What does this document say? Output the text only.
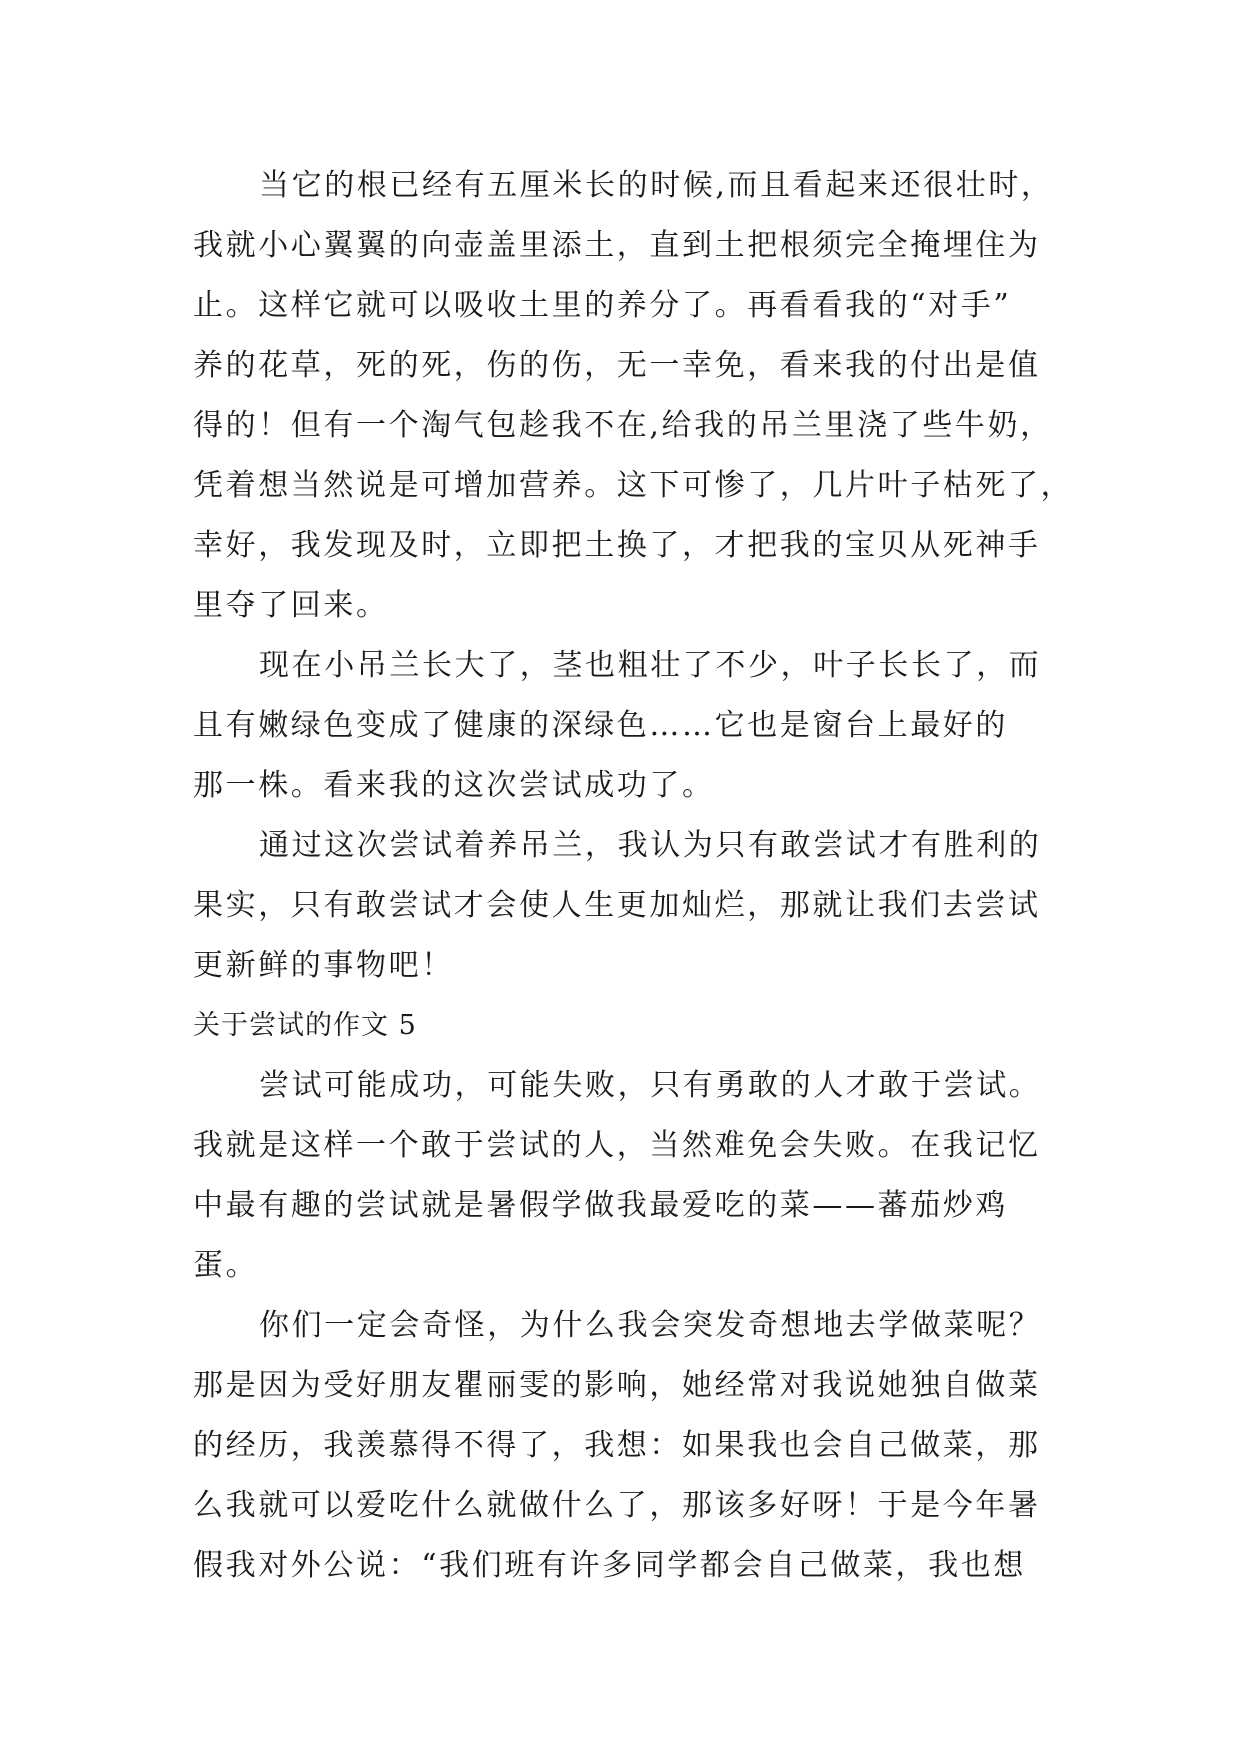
当它的根已经有五厘米长的时候,而且看起来还很壮时，
我就小心翼翼的向壶盖里添土，直到土把根须完全掩埋住为
止。这样它就可以吸收土里的养分了。再看看我的“对手”
养的花草，死的死，伤的伤，无一幸免，看来我的付出是值
得的！但有一个淘气包趁我不在,给我的吊兰里浇了些牛奶，
凭着想当然说是可增加营养。这下可惨了，几片叶子枯死了，
幸好，我发现及时，立即把土换了，才把我的宝贝从死神手
里夺了回来。
现在小吊兰长大了，茎也粗壮了不少，叶子长长了，而
且有嫩绿色变成了健康的深绿色……它也是窗台上最好的
那一株。看来我的这次尝试成功了。
通过这次尝试着养吊兰，我认为只有敢尝试才有胜利的
果实，只有敢尝试才会使人生更加灿烂，那就让我们去尝试
更新鲜的事物吧！
关于尝试的作文 5
尝试可能成功，可能失败，只有勇敢的人才敢于尝试。
我就是这样一个敢于尝试的人，当然难免会失败。在我记忆
中最有趣的尝试就是暑假学做我最爱吃的菜——蕃茄炒鸡
蛋。
你们一定会奇怪，为什么我会突发奇想地去学做菜呢？
那是因为受好朋友瞿丽雯的影响，她经常对我说她独自做菜
的经历，我羡慕得不得了，我想：如果我也会自己做菜，那
么我就可以爱吃什么就做什么了，那该多好呀！于是今年暑
假我对外公说：“我们班有许多同学都会自己做菜，我也想
